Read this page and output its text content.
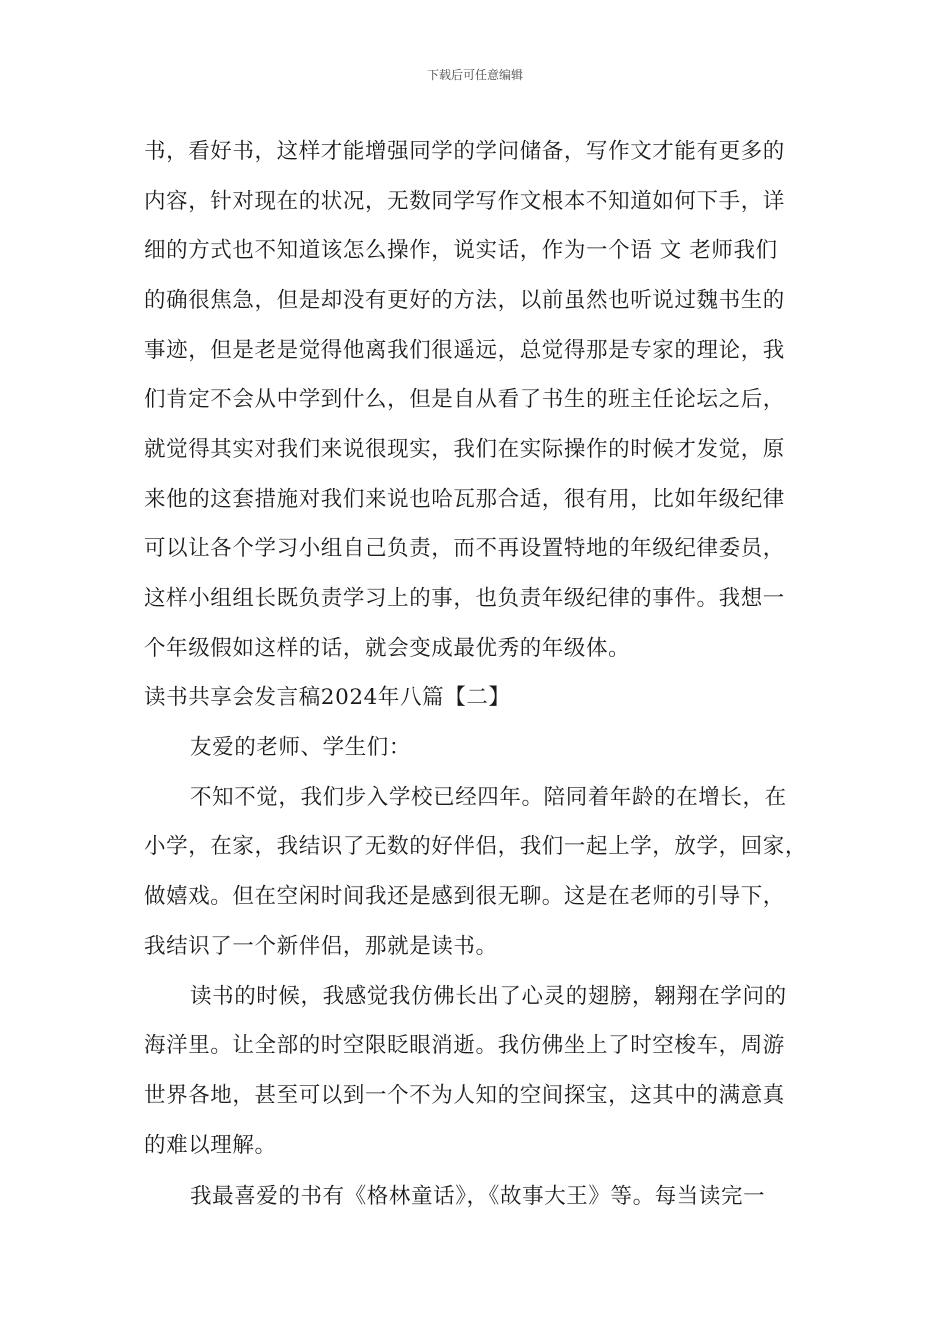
下载后可任意编辑
书，看好书，这样才能增强同学的学问储备，写作文才能有更多的
内容，针对现在的状况，无数同学写作文根本不知道如何下手，详
细的方式也不知道该怎么操作，说实话，作为一个语 文 老师我们
的确很焦急，但是却没有更好的方法，以前虽然也听说过魏书生的
事迹，但是老是觉得他离我们很遥远，总觉得那是专家的理论，我
们肯定不会从中学到什么，但是自从看了书生的班主任论坛之后，
就觉得其实对我们来说很现实，我们在实际操作的时候才发觉，原
来他的这套措施对我们来说也哈瓦那合适，很有用，比如年级纪律
可以让各个学习小组自己负责，而不再设置特地的年级纪律委员，
这样小组组长既负责学习上的事，也负责年级纪律的事件。我想一
个年级假如这样的话，就会变成最优秀的年级体。
读书共享会发言稿2024年八篇【二】
友爱的老师、学生们：
不知不觉，我们步入学校已经四年。陪同着年龄的在增长，在
小学，在家，我结识了无数的好伴侣，我们一起上学，放学，回家，
做嬉戏。但在空闲时间我还是感到很无聊。这是在老师的引导下，
我结识了一个新伴侣，那就是读书。
读书的时候，我感觉我仿佛长出了心灵的翅膀，翱翔在学问的
海洋里。让全部的时空限眨眼消逝。我仿佛坐上了时空梭车，周游
世界各地，甚至可以到一个不为人知的空间探宝，这其中的满意真
的难以理解。
我最喜爱的书有《格林童话》，《故事大王》等。每当读完一
